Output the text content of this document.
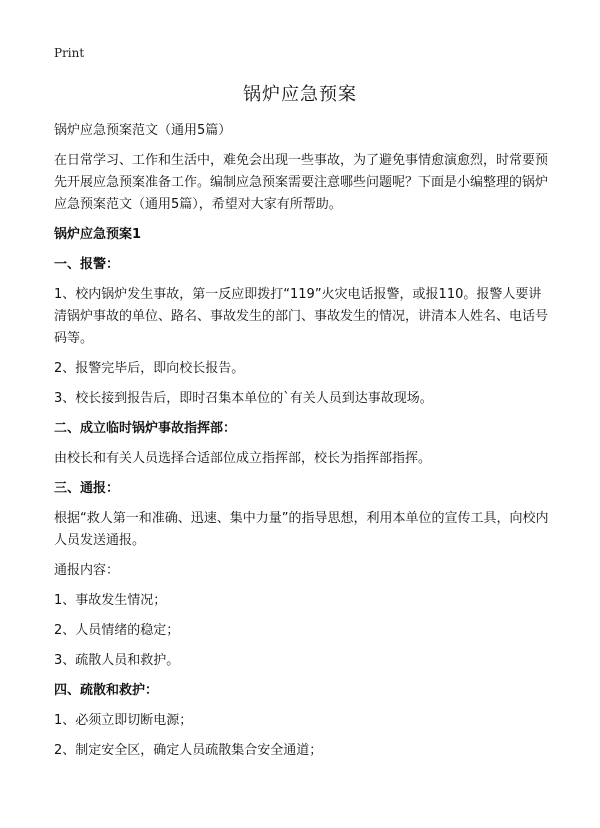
Print
锅炉应急预案

锅炉应急预案范文（通用5篇）

在日常学习、工作和生活中，难免会出现一些事故，为了避免事情愈演愈烈，时常要预先开展应急预案准备工作。编制应急预案需要注意哪些问题呢？下面是小编整理的锅炉应急预案范文（通用5篇），希望对大家有所帮助。

锅炉应急预案1

一、报警：

1、校内锅炉发生事故，第一反应即拨打“119”火灾电话报警，或报110。报警人要讲清锅炉事故的单位、路名、事故发生的部门、事故发生的情况，讲清本人姓名、电话号码等。

2、报警完毕后，即向校长报告。

3、校长接到报告后，即时召集本单位的`有关人员到达事故现场。

二、成立临时锅炉事故指挥部：

由校长和有关人员选择合适部位成立指挥部，校长为指挥部指挥。

三、通报：

根据“救人第一和准确、迅速、集中力量”的指导思想，利用本单位的宣传工具，向校内人员发送通报。

通报内容：

1、事故发生情况；

2、人员情绪的稳定；

3、疏散人员和救护。

四、疏散和救护：

1、必须立即切断电源；

2、制定安全区，确定人员疏散集合安全通道；
